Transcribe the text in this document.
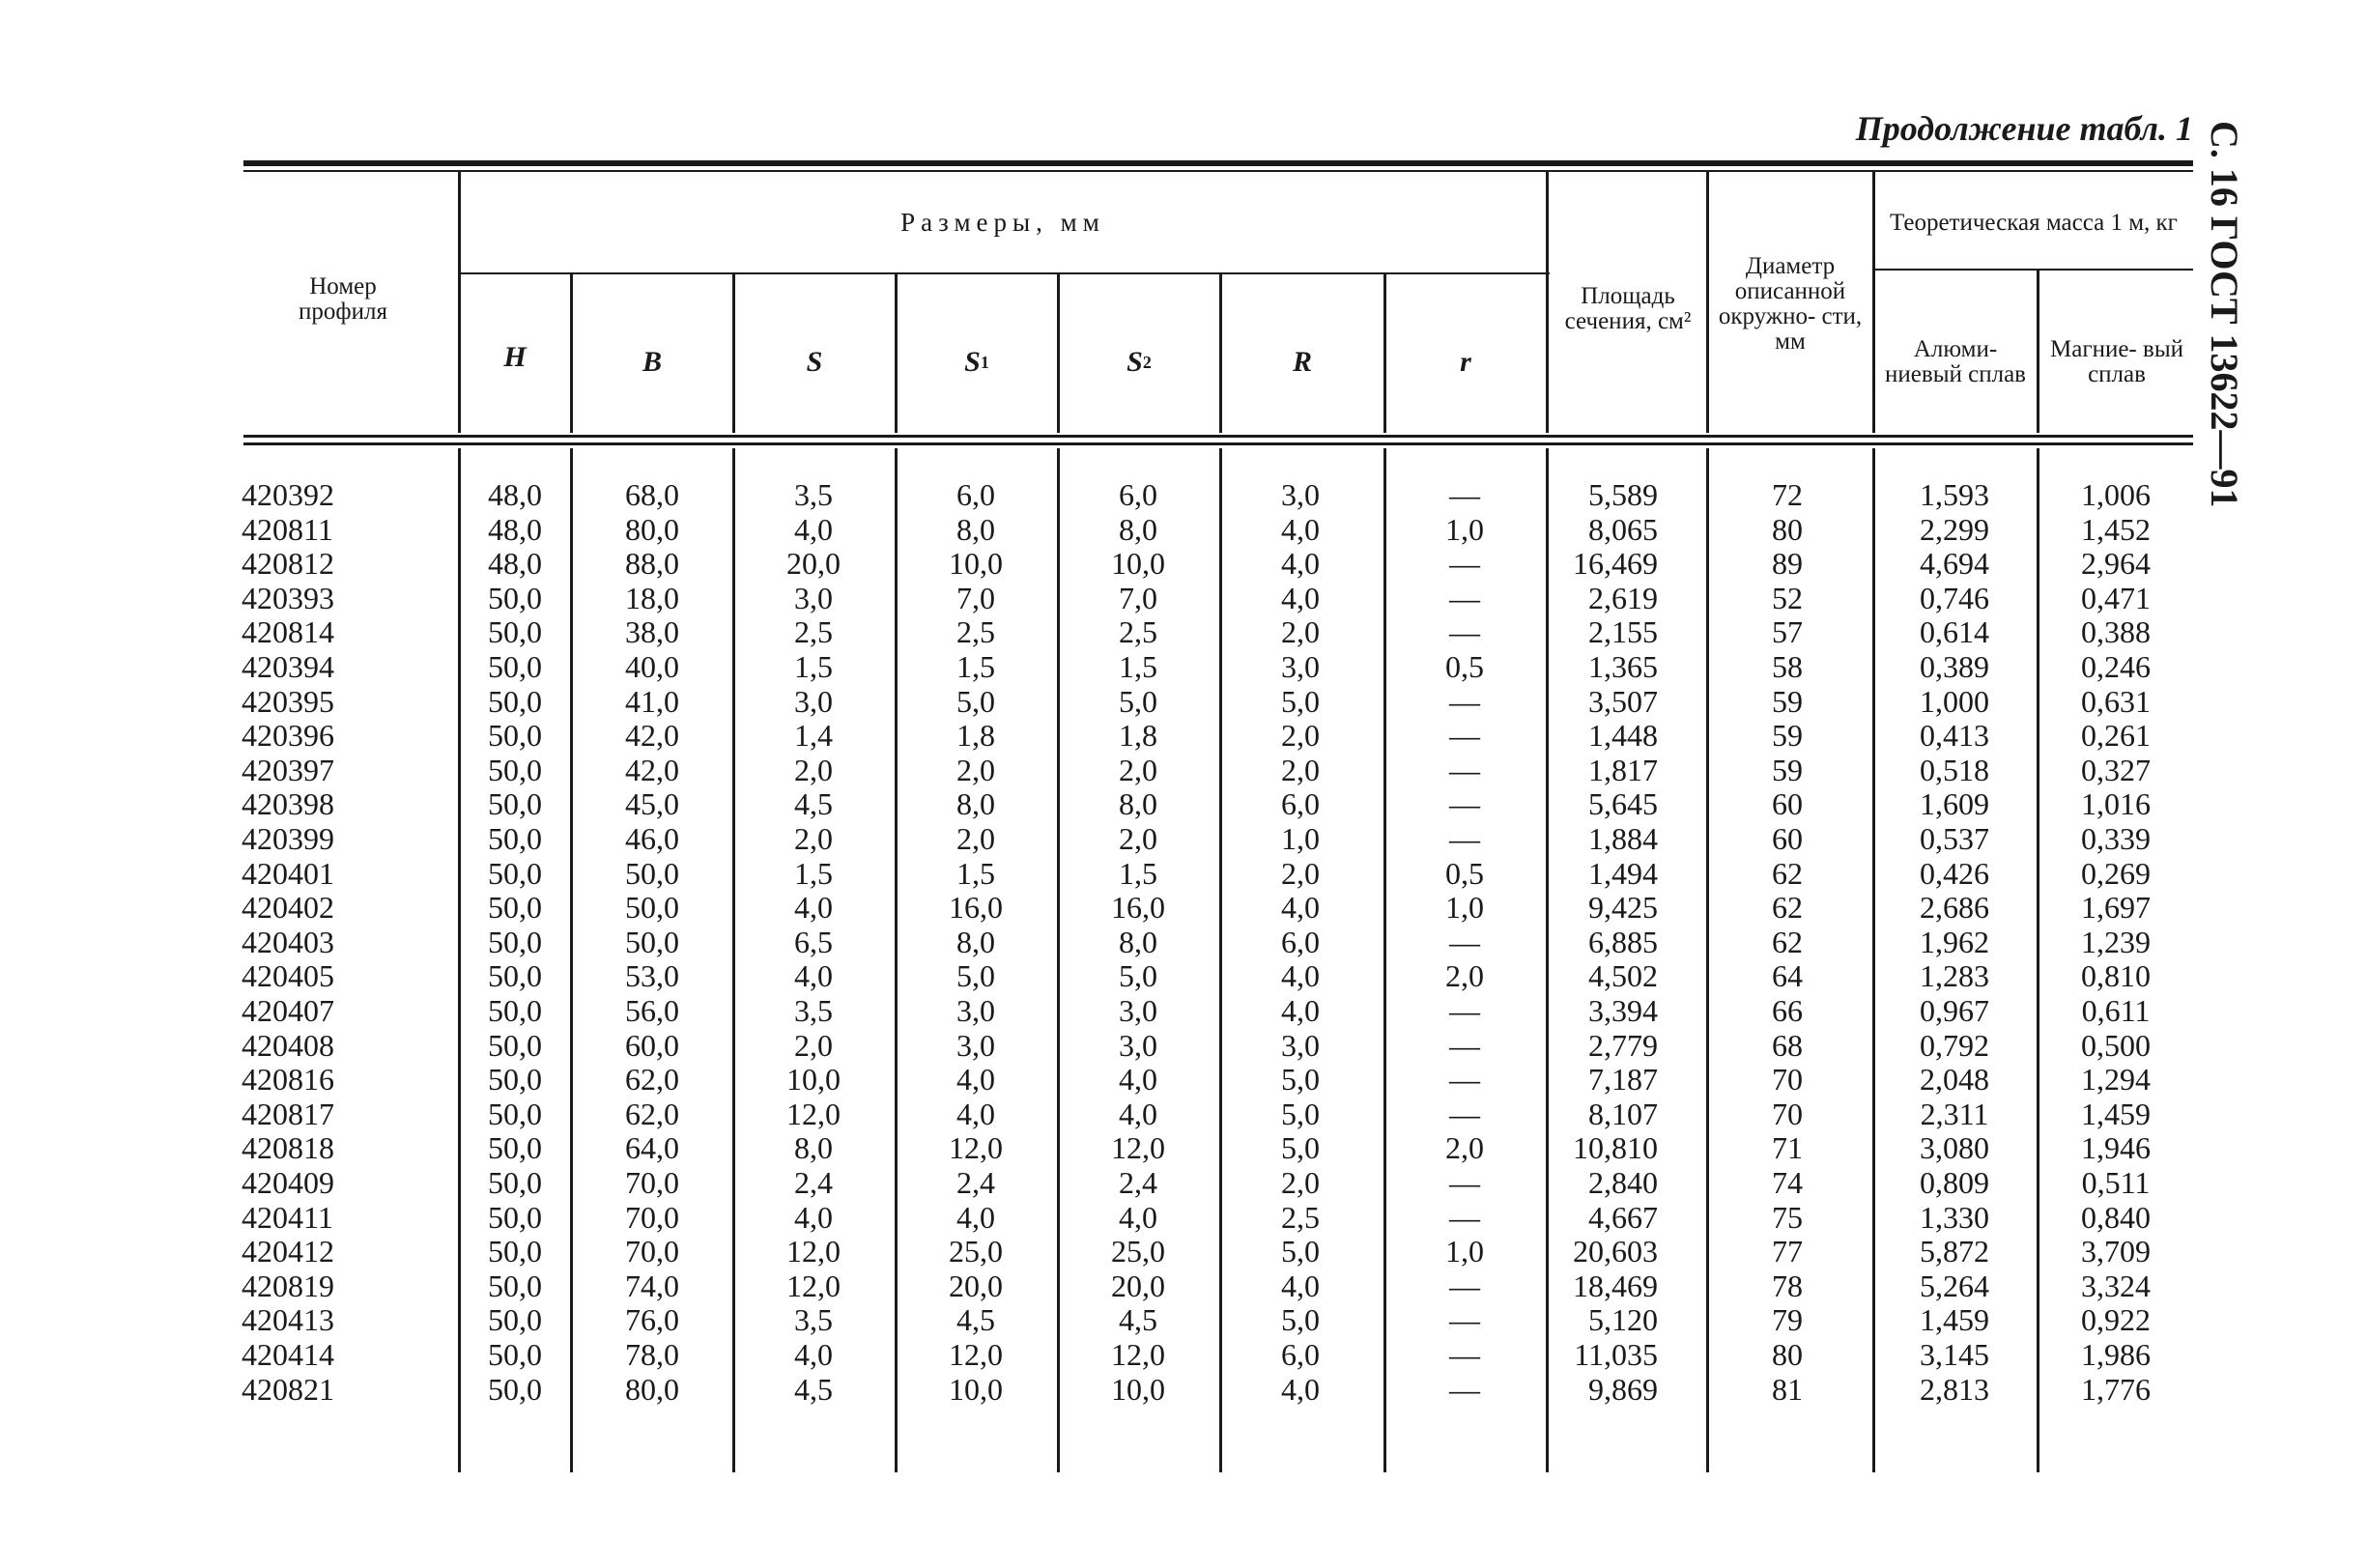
Продолжение табл. 1 С. 16 ГОСТ 13622—91
Номер профиля
Размеры, мм
H	B	S	S 1	S 2	R	r
Площадь сечения, см²
Диаметр описанной окружно- сти, мм
Теоретическая масса 1 м, кг
Алюми- ниевый сплав
Магние- вый сплав
420392	48,0	68,0	3,5	6,0	6,0	3,0	—	5,589	72	1,593	1,006
420811	48,0	80,0	4,0	8,0	8,0	4,0	1,0	8,065	80	2,299	1,452
420812	48,0	88,0	20,0	10,0	10,0	4,0	—	16,469	89	4,694	2,964
420393	50,0	18,0	3,0	7,0	7,0	4,0	—	2,619	52	0,746	0,471
420814	50,0	38,0	2,5	2,5	2,5	2,0	—	2,155	57	0,614	0,388
420394	50,0	40,0	1,5	1,5	1,5	3,0	0,5	1,365	58	0,389	0,246
420395	50,0	41,0	3,0	5,0	5,0	5,0	—	3,507	59	1,000	0,631
420396	50,0	42,0	1,4	1,8	1,8	2,0	—	1,448	59	0,413	0,261
420397	50,0	42,0	2,0	2,0	2,0	2,0	—	1,817	59	0,518	0,327
420398	50,0	45,0	4,5	8,0	8,0	6,0	—	5,645	60	1,609	1,016
420399	50,0	46,0	2,0	2,0	2,0	1,0	—	1,884	60	0,537	0,339
420401	50,0	50,0	1,5	1,5	1,5	2,0	0,5	1,494	62	0,426	0,269
420402	50,0	50,0	4,0	16,0	16,0	4,0	1,0	9,425	62	2,686	1,697
420403	50,0	50,0	6,5	8,0	8,0	6,0	—	6,885	62	1,962	1,239
420405	50,0	53,0	4,0	5,0	5,0	4,0	2,0	4,502	64	1,283	0,810
420407	50,0	56,0	3,5	3,0	3,0	4,0	—	3,394	66	0,967	0,611
420408	50,0	60,0	2,0	3,0	3,0	3,0	—	2,779	68	0,792	0,500
420816	50,0	62,0	10,0	4,0	4,0	5,0	—	7,187	70	2,048	1,294
420817	50,0	62,0	12,0	4,0	4,0	5,0	—	8,107	70	2,311	1,459
420818	50,0	64,0	8,0	12,0	12,0	5,0	2,0	10,810	71	3,080	1,946
420409	50,0	70,0	2,4	2,4	2,4	2,0	—	2,840	74	0,809	0,511
420411	50,0	70,0	4,0	4,0	4,0	2,5	—	4,667	75	1,330	0,840
420412	50,0	70,0	12,0	25,0	25,0	5,0	1,0	20,603	77	5,872	3,709
420819	50,0	74,0	12,0	20,0	20,0	4,0	—	18,469	78	5,264	3,324
420413	50,0	76,0	3,5	4,5	4,5	5,0	—	5,120	79	1,459	0,922
420414	50,0	78,0	4,0	12,0	12,0	6,0	—	11,035	80	3,145	1,986
420821	50,0	80,0	4,5	10,0	10,0	4,0	—	9,869	81	2,813	1,776
